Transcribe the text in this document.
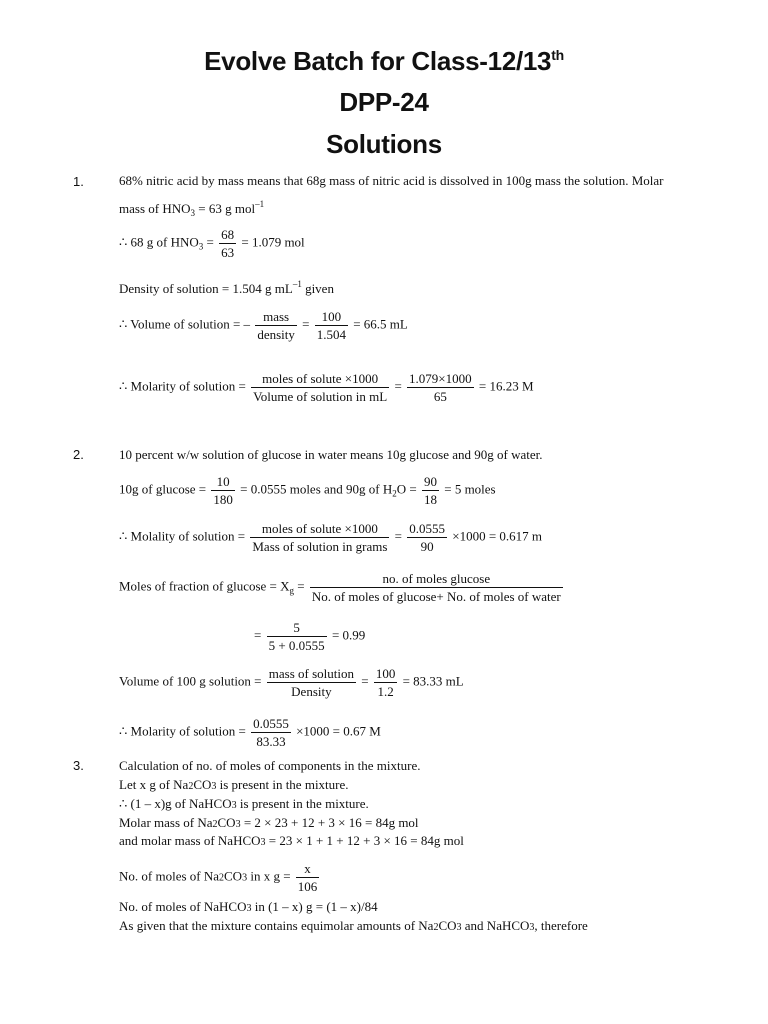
Evolve Batch for Class-12/13th
DPP-24
Solutions
1.	68% nitric acid by mass means that 68g mass of nitric acid is dissolved in 100g mass the solution. Molar
mass of $HNO_3 = 63$ g mol$^{-1}$
∴ 68 g of $HNO_3 = \frac{68}{63} = 1.079$ mol
Density of solution = 1.504 g $mL^{-1}$ given
∴ Volume of solution = – $\frac{\text{mass}}{\text{density}} = \frac{100}{1.504} = 66.5$ mL
∴ Molarity of solution = $\frac{\text{moles of solute ×1000}}{\text{Volume of solution in mL}} = \frac{1.079\times 1000}{65} = 16.23$ M
2.	10 percent w/w solution of glucose in water means 10g glucose and 90g of water.
10g of $glucose = \frac{10}{180} = 0.0555$ moles and 90g of $H_2O = \frac{90}{18} = 5$ moles
∴ Molality of solution = $\frac{\text{moles of solute ×1000}}{\text{Mass of solution in grams}} = \frac{0.0555}{90} \times 1000 = 0.617$ m
Moles of fraction of $glucose = X_g = \frac{\text{no. of moles glucose}}{\text{No. of moles of glucose+ No. of moles of water}}$
= $\frac{5}{5 + 0.0555} = 0.99$
Volume of 100 g solution = $\frac{\text{mass of solution}}{\text{Density}} = \frac{100}{1.2} = 83.33$ mL
∴ Molarity of solution = $\frac{0.0555}{83.33} \times 1000 = 0.67$ M
3.	Calculation of no. of moles of components in the mixture.
Let x g of Na2CO3 is present in the mixture.
∴ (1 – x)g of NaHCO3 is present in the mixture.
Molar mass of Na2CO3 = 2 × 23 + 12 + 3 × 16 = 84g mol
and molar mass of NaHCO3 = 23 × 1 + 1 + 12 + 3 × 16 = 84g mol
No. of moles of Na2CO3 in x $g = \frac{x}{106}$
No. of moles of NaHCO3 in (1 – x) g = (1 – x)/84
As given that the mixture contains equimolar amounts of Na2CO3 and NaHCO3, therefore
